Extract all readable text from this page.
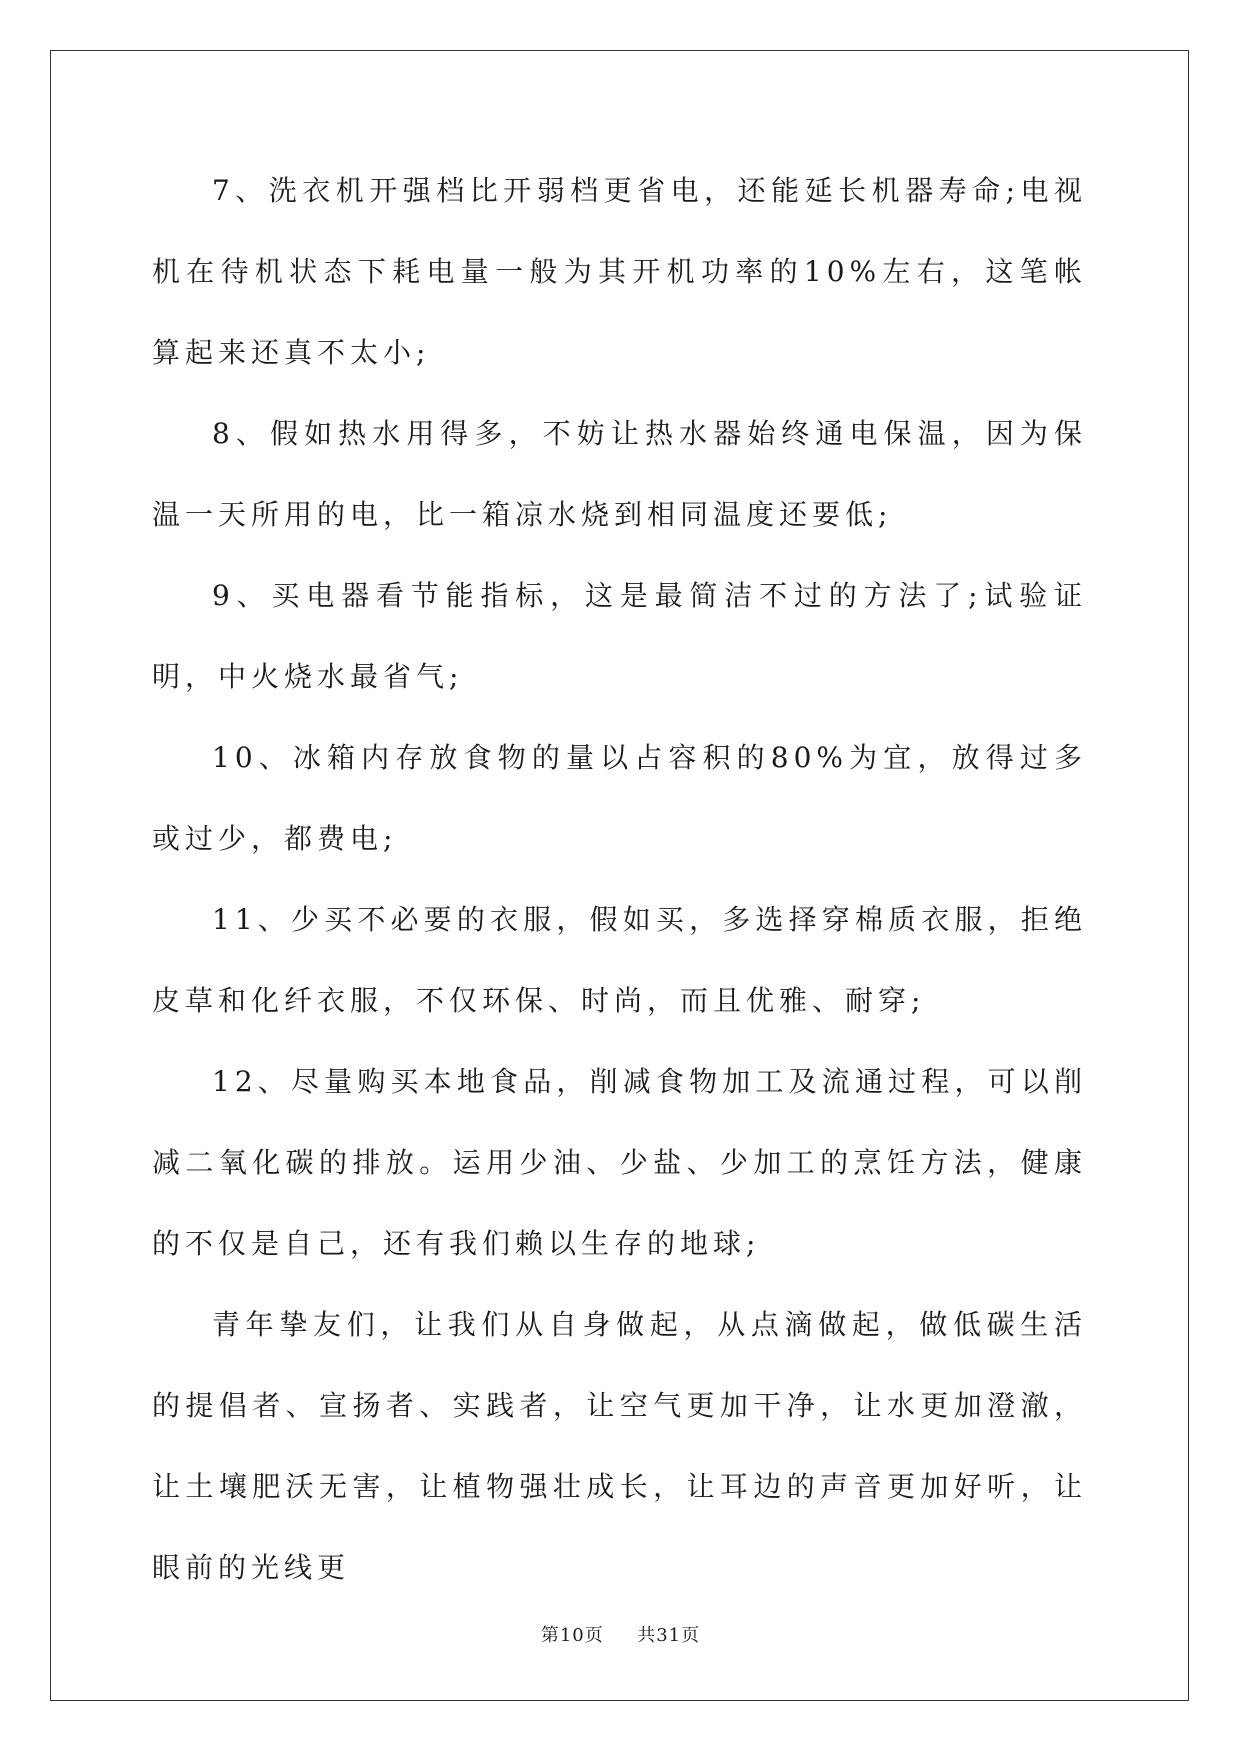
7、洗衣机开强档比开弱档更省电，还能延长机器寿命;电视机在待机状态下耗电量一般为其开机功率的10%左右，这笔帐算起来还真不太小;

8、假如热水用得多，不妨让热水器始终通电保温，因为保温一天所用的电，比一箱凉水烧到相同温度还要低;

9、买电器看节能指标，这是最简洁不过的方法了;试验证明，中火烧水最省气;

10、冰箱内存放食物的量以占容积的80%为宜，放得过多或过少，都费电;

11、少买不必要的衣服，假如买，多选择穿棉质衣服，拒绝皮草和化纤衣服，不仅环保、时尚，而且优雅、耐穿;

12、尽量购买本地食品，削减食物加工及流通过程，可以削减二氧化碳的排放。运用少油、少盐、少加工的烹饪方法，健康的不仅是自己，还有我们赖以生存的地球;

青年挚友们，让我们从自身做起，从点滴做起，做低碳生活的提倡者、宣扬者、实践者，让空气更加干净，让水更加澄澈，让土壤肥沃无害，让植物强壮成长，让耳边的声音更加好听，让眼前的光线更

第10页 共31页
